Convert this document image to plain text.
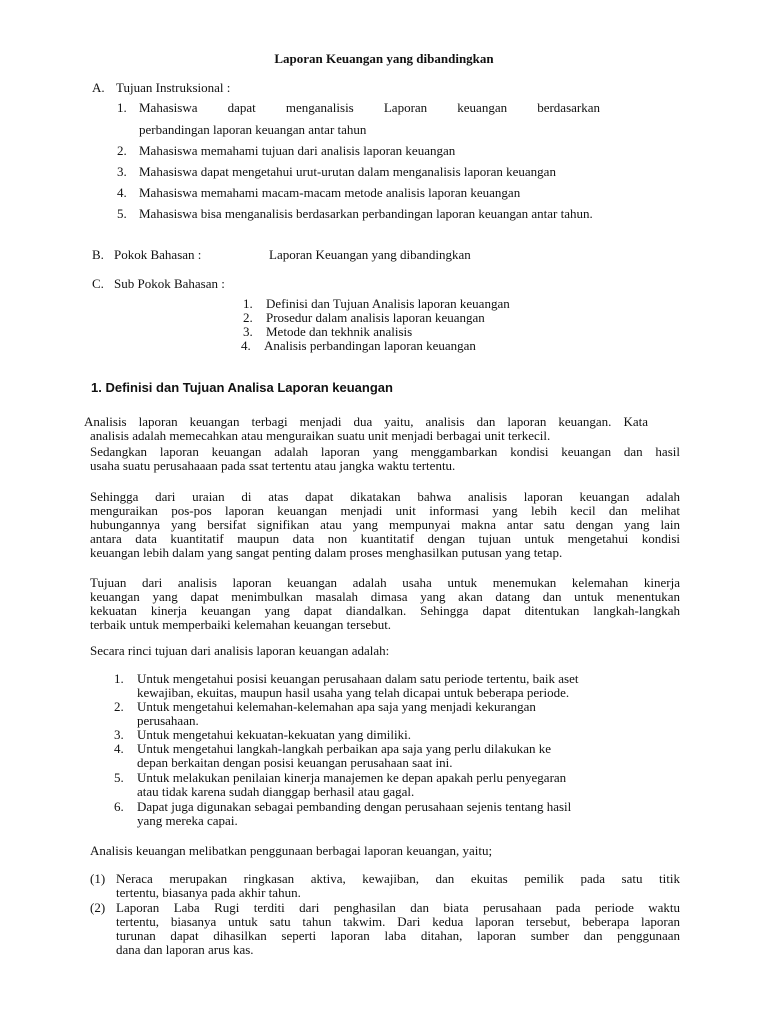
Laporan Keuangan yang dibandingkan
A. Tujuan Instruksional :
1. Mahasiswa dapat menganalisis Laporan keuangan berdasarkan
perbandingan laporan keuangan antar tahun
2. Mahasiswa memahami tujuan dari analisis laporan keuangan
3. Mahasiswa dapat mengetahui urut-urutan dalam menganalisis laporan keuangan
4. Mahasiswa memahami macam-macam metode analisis laporan keuangan
5. Mahasiswa bisa menganalisis berdasarkan perbandingan laporan keuangan antar tahun.
B. Pokok Bahasan :	Laporan Keuangan yang dibandingkan
C. Sub Pokok Bahasan :
1. Definisi dan Tujuan Analisis laporan keuangan
2. Prosedur dalam analisis laporan keuangan
3. Metode dan tekhnik analisis
4. Analisis perbandingan laporan keuangan
1. Definisi dan Tujuan Analisa Laporan keuangan
Analisis laporan keuangan terbagi menjadi dua yaitu, analisis dan laporan keuangan. Kata
analisis adalah memecahkan atau menguraikan suatu unit menjadi berbagai unit terkecil.
Sedangkan laporan keuangan adalah laporan yang menggambarkan kondisi keuangan dan hasil
usaha suatu perusahaaan pada ssat tertentu atau jangka waktu tertentu.
Sehingga dari uraian di atas dapat dikatakan bahwa analisis laporan keuangan adalah
menguraikan pos-pos laporan keuangan menjadi unit informasi yang lebih kecil dan melihat
hubungannya yang bersifat signifikan atau yang mempunyai makna antar satu dengan yang lain
antara data kuantitatif maupun data non kuantitatif dengan tujuan untuk mengetahui kondisi
keuangan lebih dalam yang sangat penting dalam proses menghasilkan putusan yang tetap.
Tujuan dari analisis laporan keuangan adalah usaha untuk menemukan kelemahan kinerja
keuangan yang dapat menimbulkan masalah dimasa yang akan datang dan untuk menentukan
kekuatan kinerja keuangan yang dapat diandalkan. Sehingga dapat ditentukan langkah-langkah
terbaik untuk memperbaiki kelemahan keuangan tersebut.
Secara rinci tujuan dari analisis laporan keuangan adalah:
1. Untuk mengetahui posisi keuangan perusahaan dalam satu periode tertentu, baik aset
kewajiban, ekuitas, maupun hasil usaha yang telah dicapai untuk beberapa periode.
2. Untuk mengetahui kelemahan-kelemahan apa saja yang menjadi kekurangan
perusahaan.
3. Untuk mengetahui kekuatan-kekuatan yang dimiliki.
4. Untuk mengetahui langkah-langkah perbaikan apa saja yang perlu dilakukan ke
depan berkaitan dengan posisi keuangan perusahaan saat ini.
5. Untuk melakukan penilaian kinerja manajemen ke depan apakah perlu penyegaran
atau tidak karena sudah dianggap berhasil atau gagal.
6. Dapat juga digunakan sebagai pembanding dengan perusahaan sejenis tentang hasil
yang mereka capai.
Analisis keuangan melibatkan penggunaan berbagai laporan keuangan, yaitu;
(1) Neraca merupakan ringkasan aktiva, kewajiban, dan ekuitas pemilik pada satu titik
tertentu, biasanya pada akhir tahun.
(2) Laporan Laba Rugi terditi dari penghasilan dan biata perusahaan pada periode waktu
tertentu, biasanya untuk satu tahun takwim. Dari kedua laporan tersebut, beberapa laporan
turunan dapat dihasilkan seperti laporan laba ditahan, laporan sumber dan penggunaan
dana dan laporan arus kas.
